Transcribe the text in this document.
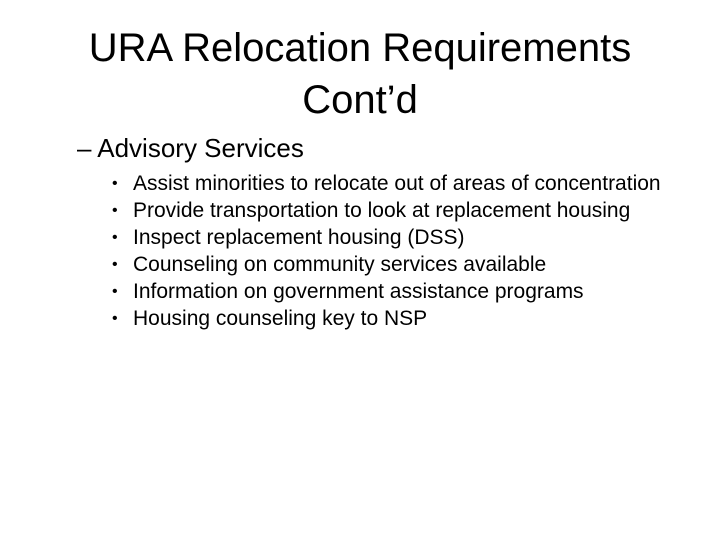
URA Relocation Requirements
Cont’d
– Advisory Services
• Assist minorities to relocate out of areas of concentration
• Provide transportation to look at replacement housing
• Inspect replacement housing (DSS)
• Counseling on community services available
• Information on government assistance programs
• Housing counseling key to NSP
